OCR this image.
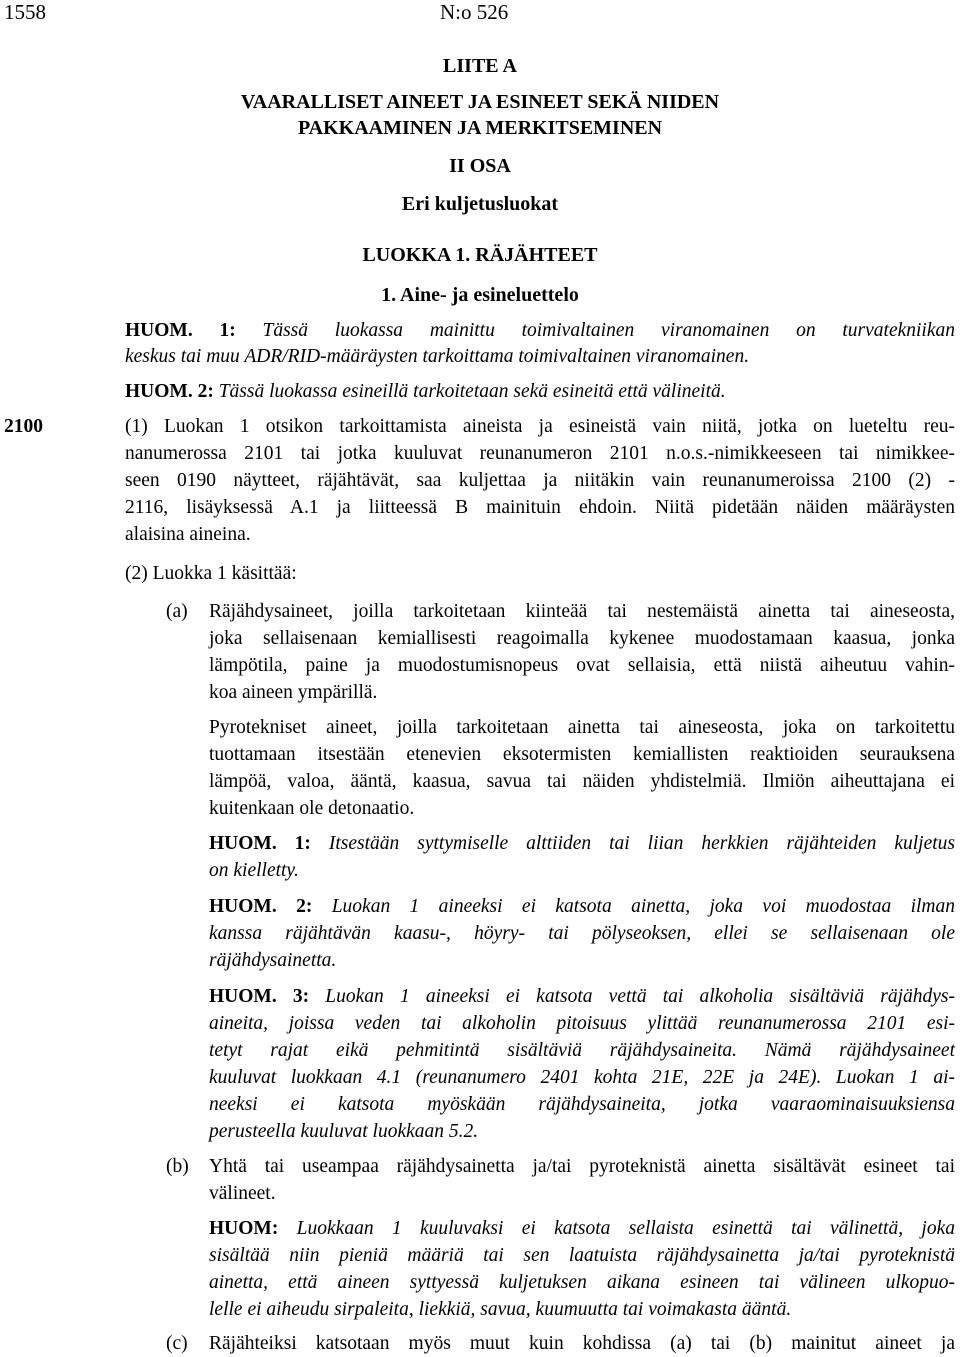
1558	N:o 526
LIITE A
VAARALLISET AINEET JA ESINEET SEKÄ NIIDEN
PAKKAAMINEN JA MERKITSEMINEN
II OSA
Eri kuljetusluokat
LUOKKA 1. RÄJÄHTEET
1. Aine- ja esineluettelo
HUOM. 1: Tässä luokassa mainittu toimivaltainen viranomainen on turvatekniikan
keskus tai muu ADR/RID-määräysten tarkoittama toimivaltainen viranomainen.
HUOM. 2: Tässä luokassa esineillä tarkoitetaan sekä esineitä että välineitä.
2100	(1) Luokan 1 otsikon tarkoittamista aineista ja esineistä vain niitä, jotka on lueteltu reu-
nanumerossa 2101 tai jotka kuuluvat reunanumeron 2101 n.o.s.-nimikkeeseen tai nimikkee-
seen 0190 näytteet, räjähtävät, saa kuljettaa ja niitäkin vain reunanumeroissa 2100 (2) -
2116, lisäyksessä A.1 ja liitteessä B mainituin ehdoin. Niitä pidetään näiden määräysten
alaisina aineina.
(2) Luokka 1 käsittää:
(a) Räjähdysaineet, joilla tarkoitetaan kiinteää tai nestemäistä ainetta tai aineseosta,
joka sellaisenaan kemiallisesti reagoimalla kykenee muodostamaan kaasua, jonka
lämpötila, paine ja muodostumisnopeus ovat sellaisia, että niistä aiheutuu vahin-
koa aineen ympärillä.
Pyrotekniset aineet, joilla tarkoitetaan ainetta tai aineseosta, joka on tarkoitettu
tuottamaan itsestään etenevien eksotermisten kemiallisten reaktioiden seurauksena
lämpöä, valoa, ääntä, kaasua, savua tai näiden yhdistelmiä. Ilmiön aiheuttajana ei
kuitenkaan ole detonaatio.
HUOM. 1: Itsestään syttymiselle alttiiden tai liian herkkien räjähteiden kuljetus
on kielletty.
HUOM. 2: Luokan 1 aineeksi ei katsota ainetta, joka voi muodostaa ilman
kanssa räjähtävän kaasu-, höyry- tai pölyseoksen, ellei se sellaisenaan ole
räjähdysainetta.
HUOM. 3: Luokan 1 aineeksi ei katsota vettä tai alkoholia sisältäviä räjähdys-
aineita, joissa veden tai alkoholin pitoisuus ylittää reunanumerossa 2101 esi-
tetyt rajat eikä pehmitintä sisältäviä räjähdysaineita. Nämä räjähdysaineet
kuuluvat luokkaan 4.1 (reunanumero 2401 kohta 21E, 22E ja 24E). Luokan 1 ai-
neeksi ei katsota myöskään räjähdysaineita, jotka vaaraominaisuuksiensa
perusteella kuuluvat luokkaan 5.2.
(b) Yhtä tai useampaa räjähdysainetta ja/tai pyroteknistä ainetta sisältävät esineet tai
välineet.
HUOM: Luokkaan 1 kuuluvaksi ei katsota sellaista esinettä tai välinettä, joka
sisältää niin pieniä määriä tai sen laatuista räjähdysainetta ja/tai pyroteknistä
ainetta, että aineen syttyessä kuljetuksen aikana esineen tai välineen ulkopuo-
lelle ei aiheudu sirpaleita, liekkiä, savua, kuumuutta tai voimakasta ääntä.
(c) Räjähteiksi katsotaan myös muut kuin kohdissa (a) tai (b) mainitut aineet ja
